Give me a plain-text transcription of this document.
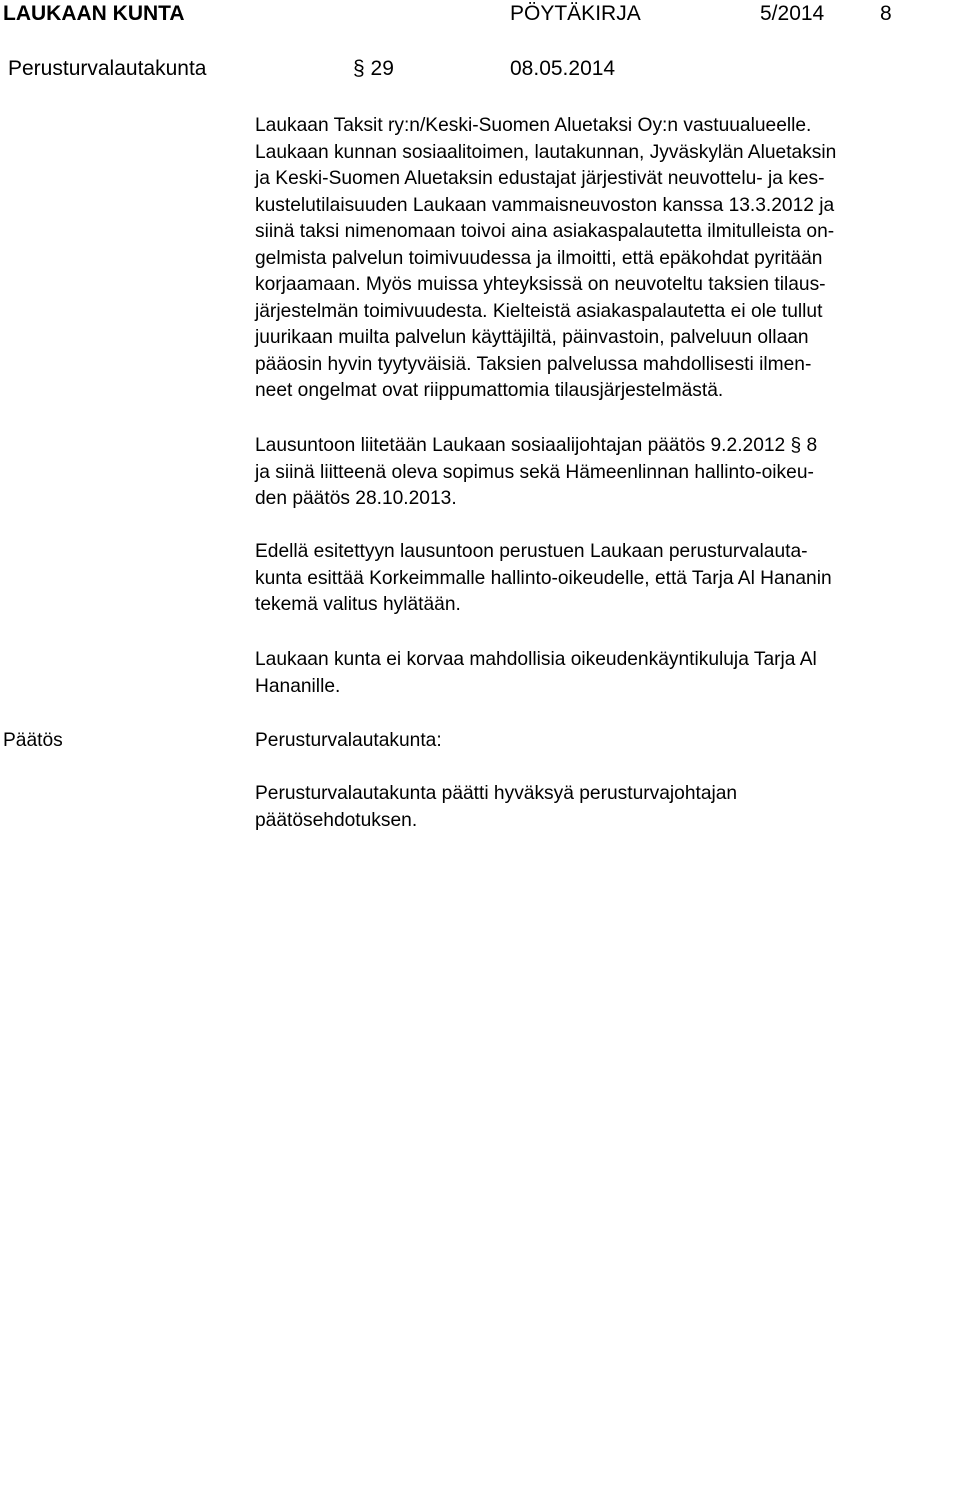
LAUKAAN KUNTA	PÖYTÄKIRJA	5/2014	8
Perusturvalautakunta	§ 29	08.05.2014

Laukaan Taksit ry:n/Keski-Suomen Aluetaksi Oy:n vastuualueelle.
Laukaan kunnan sosiaalitoimen, lautakunnan, Jyväskylän Aluetaksin
ja Keski-Suomen Aluetaksin edustajat järjestivät neuvottelu- ja kes-
kustelutilaisuuden Laukaan vammaisneuvoston kanssa 13.3.2012 ja
siinä taksi nimenomaan toivoi aina asiakaspalautetta ilmitulleista on-
gelmista palvelun toimivuudessa ja ilmoitti, että epäkohdat pyritään
korjaamaan. Myös muissa yhteyksissä on neuvoteltu taksien tilaus-
järjestelmän toimivuudesta. Kielteistä asiakaspalautetta ei ole tullut
juurikaan muilta palvelun käyttäjiltä, päinvastoin, palveluun ollaan
pääosin hyvin tyytyväisiä. Taksien palvelussa mahdollisesti ilmen-
neet ongelmat ovat riippumattomia tilausjärjestelmästä.

Lausuntoon liitetään Laukaan sosiaalijohtajan päätös 9.2.2012 § 8
ja siinä liitteenä oleva sopimus sekä Hämeenlinnan hallinto-oikeu-
den päätös 28.10.2013.

Edellä esitettyyn lausuntoon perustuen Laukaan perusturvalauta-
kunta esittää Korkeimmalle hallinto-oikeudelle, että Tarja Al Hananin
tekemä valitus hylätään.

Laukaan kunta ei korvaa mahdollisia oikeudenkäyntikuluja Tarja Al
Hananille.

Päätös	Perusturvalautakunta:

Perusturvalautakunta päätti hyväksyä perusturvajohtajan
päätösehdotuksen.
